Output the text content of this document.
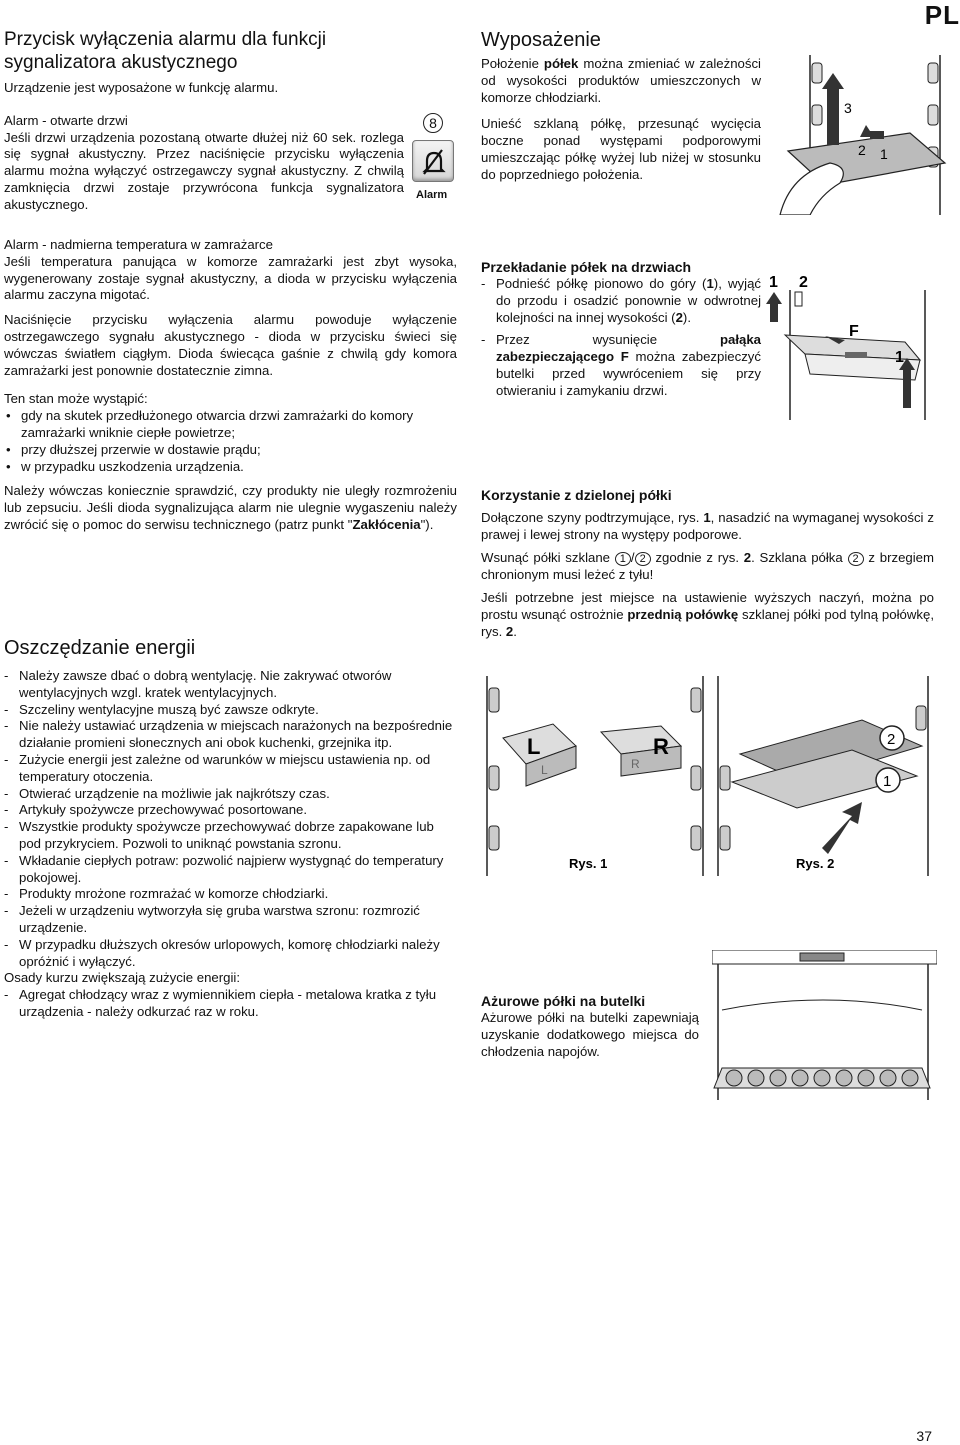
PL
Przycisk wyłączenia alarmu dla funkcji
sygnalizatora akustycznego

Urządzenie jest wyposażone w funkcję alarmu.

Alarm - otwarte drzwi

Jeśli drzwi urządzenia pozostaną otwarte dłużej niż 60 sek. rozlega się sygnał akustyczny. Przez naciśnięcie przycisku wyłączenia alarmu można wyłączyć ostrzegawczy sygnał akustyczny. Z chwilą zamknięcia drzwi zostaje przywrócona funkcja sygnalizatora akustycznego.

8
Alarm

Alarm - nadmierna temperatura w zamrażarce

Jeśli temperatura panująca w komorze zamrażarki jest zbyt wysoka, wygenerowany zostaje sygnał akustyczny, a dioda w przycisku wyłączenia alarmu zaczyna migotać.

Naciśnięcie przycisku wyłączenia alarmu powoduje wyłączenie ostrzegawczego sygnału akustycznego - dioda w przycisku świeci się wówczas światłem ciągłym. Dioda świecąca gaśnie z chwilą gdy komora zamrażarki jest ponownie dostatecznie zimna.

Ten stan może wystąpić:

• gdy na skutek przedłużonego otwarcia drzwi zamrażarki do komory zamrażarki wniknie ciepłe powietrze;
• przy dłuższej przerwie w dostawie prądu;
• w przypadku uszkodzenia urządzenia.

Należy wówczas koniecznie sprawdzić, czy produkty nie uległy rozmrożeniu lub zepsuciu. Jeśli dioda sygnalizująca alarm nie ulegnie wygaszeniu należy zwrócić się o pomoc do serwisu technicznego (patrz punkt "Zakłócenia").

Oszczędzanie energii
- Należy zawsze dbać o dobrą wentylację. Nie zakrywać otworów wentylacyjnych wzgl. kratek wentylacyjnych.
- Szczeliny wentylacyjne muszą być zawsze odkryte.
- Nie należy ustawiać urządzenia w miejscach narażonych na bezpośrednie działanie promieni słonecznych ani obok kuchenki, grzejnika itp.
- Zużycie energii jest zależne od warunków w miejscu ustawienia np. od temperatury otoczenia.
- Otwierać urządzenie na możliwie jak najkrótszy czas.
- Artykuły spożywcze przechowywać posortowane.
- Wszystkie produkty spożywcze przechowywać dobrze zapakowane lub pod przykryciem. Pozwoli to uniknąć powstania szronu.
- Wkładanie ciepłych potraw: pozwolić najpierw wystygnąć do temperatury pokojowej.
- Produkty mrożone rozmrażać w komorze chłodziarki.
- Jeżeli w urządzeniu wytworzyła się gruba warstwa szronu: rozmrozić urządzenie.
- W przypadku dłuższych okresów urlopowych, komorę chłodziarki należy opróżnić i wyłączyć.

Osady kurzu zwiększają zużycie energii:

- Agregat chłodzący wraz z wymiennikiem ciepła - metalowa kratka z tyłu urządzenia - należy odkurzać raz w roku.
Wyposażenie

Położenie półek można zmieniać w zależności od wysokości produktów umieszczonych w komorze chłodziarki.

Unieść szklaną półkę, przesunąć wycięcia boczne ponad występami podporowymi umieszczając półkę wyżej lub niżej w stosunku do poprzedniego położenia.

3
2 1

Przekładanie półek na drzwiach

- Podnieść półkę pionowo do góry (1), wyjąć do przodu i osadzić ponownie w odwrotnej kolejności na innej wysokości (2).
- Przez wysunięcie pałąka zabezpieczającego F można zabezpieczyć butelki przed wywróceniem się przy otwieraniu i zamykaniu drzwi.
1 2
F
1

Korzystanie z dzielonej półki

Dołączone szyny podtrzymujące, rys. 1, nasadzić na wymaganej wysokości z prawej i lewej strony na występy podporowe.

Wsunąć półki szklane 1 / 2 zgodnie z rys. 2. Szklana półka 2 z brzegiem chronionym musi leżeć z tyłu!

Jeśli potrzebne jest miejsce na ustawienie wyższych naczyń, można po prostu wsunąć ostrożnie przednią połówkę szklanej półki pod tylną połówkę, rys. 2.

L	R
L	R
Rys. 1
2
1
Rys. 2

Ażurowe półki na butelki

Ażurowe półki na butelki zapewniają uzyskanie dodatkowego miejsca do chłodzenia napojów.

37
